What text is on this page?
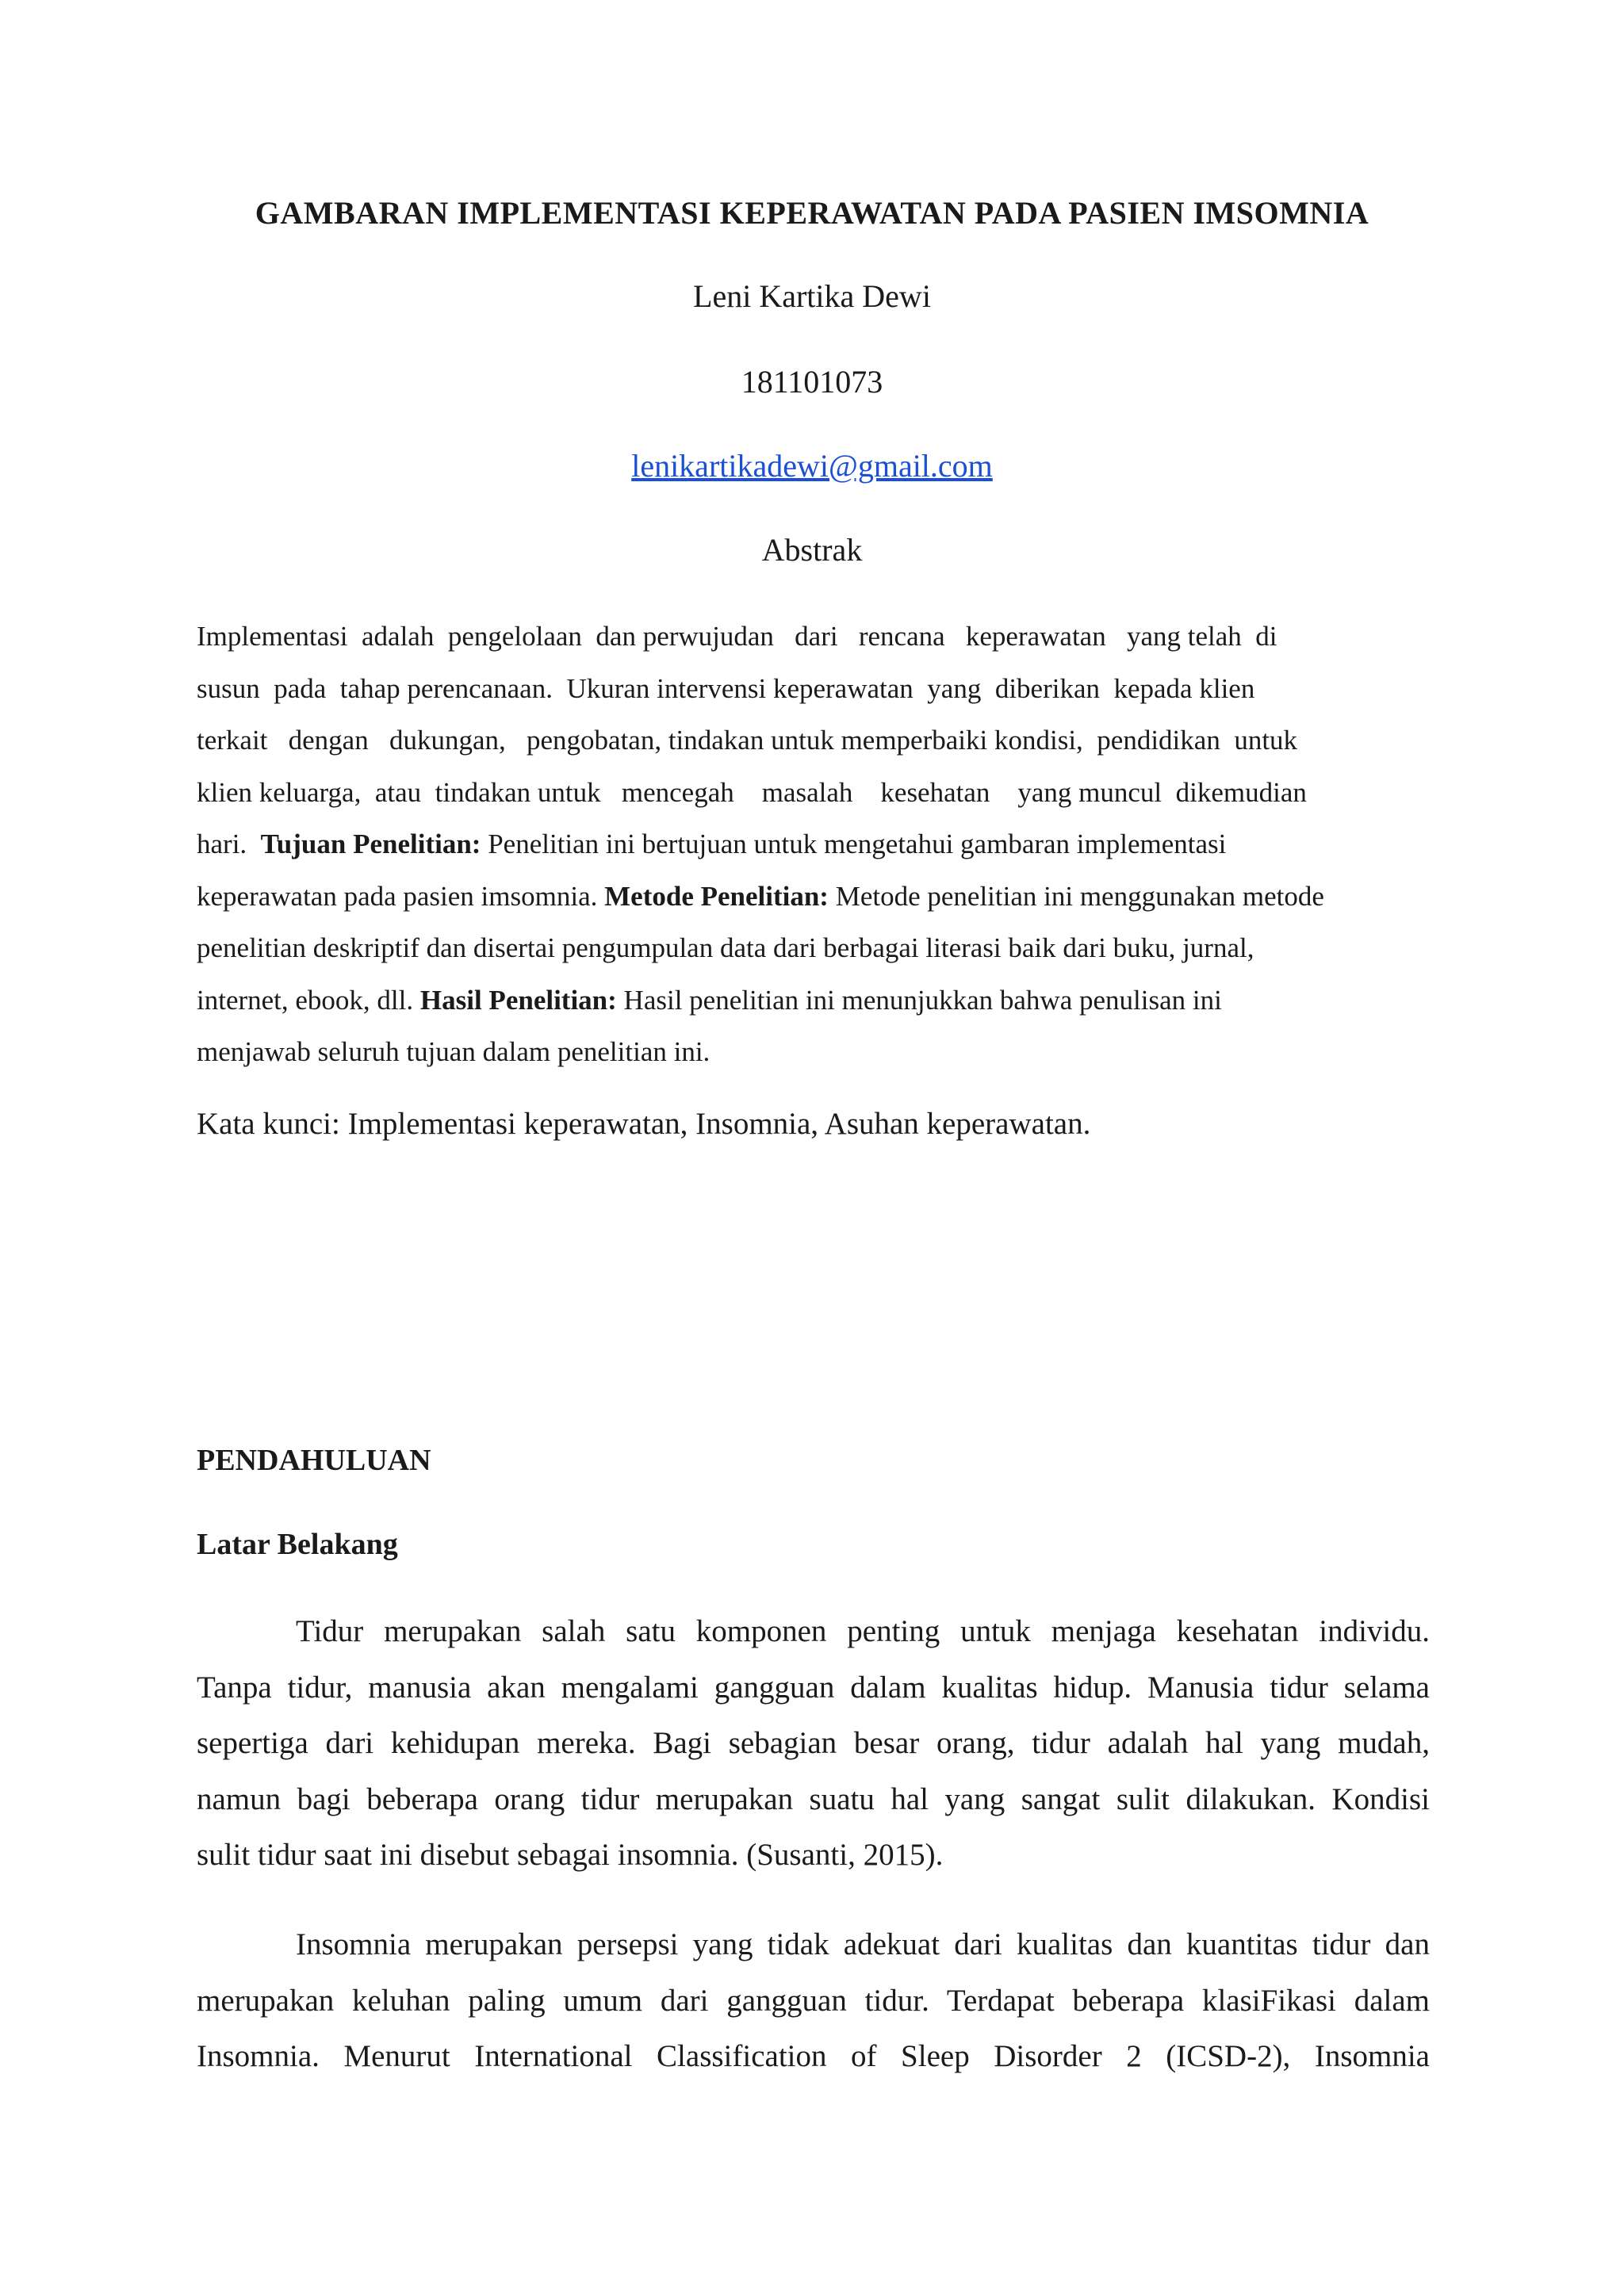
GAMBARAN IMPLEMENTASI KEPERAWATAN PADA PASIEN IMSOMNIA
Leni Kartika Dewi
181101073
lenikartikadewi@gmail.com
Abstrak
Implementasi  adalah  pengelolaan  dan perwujudan   dari   rencana   keperawatan   yang telah  di
susun  pada  tahap perencanaan.  Ukuran intervensi keperawatan  yang  diberikan  kepada klien
terkait   dengan   dukungan,   pengobatan, tindakan untuk memperbaiki kondisi,  pendidikan  untuk
klien keluarga,  atau  tindakan untuk   mencegah    masalah    kesehatan    yang muncul  dikemudian
hari.  Tujuan Penelitian: Penelitian ini bertujuan untuk mengetahui gambaran implementasi
keperawatan pada pasien imsomnia. Metode Penelitian: Metode penelitian ini menggunakan metode
penelitian deskriptif dan disertai pengumpulan data dari berbagai literasi baik dari buku, jurnal,
internet, ebook, dll. Hasil Penelitian: Hasil penelitian ini menunjukkan bahwa penulisan ini
menjawab seluruh tujuan dalam penelitian ini.
Kata kunci: Implementasi keperawatan, Insomnia, Asuhan keperawatan.
PENDAHULUAN
Latar Belakang
Tidur merupakan salah satu komponen penting untuk menjaga kesehatan individu.
Tanpa tidur, manusia akan mengalami gangguan dalam kualitas hidup. Manusia tidur selama
sepertiga dari kehidupan mereka. Bagi sebagian besar orang, tidur adalah hal yang mudah,
namun bagi beberapa orang tidur merupakan suatu hal yang sangat sulit dilakukan. Kondisi
sulit tidur saat ini disebut sebagai insomnia. (Susanti, 2015).
Insomnia merupakan persepsi yang tidak adekuat dari kualitas dan kuantitas tidur dan
merupakan keluhan paling umum dari gangguan tidur. Terdapat beberapa klasiFikasi dalam
Insomnia. Menurut International Classification of Sleep Disorder 2 (ICSD-2), Insomnia
